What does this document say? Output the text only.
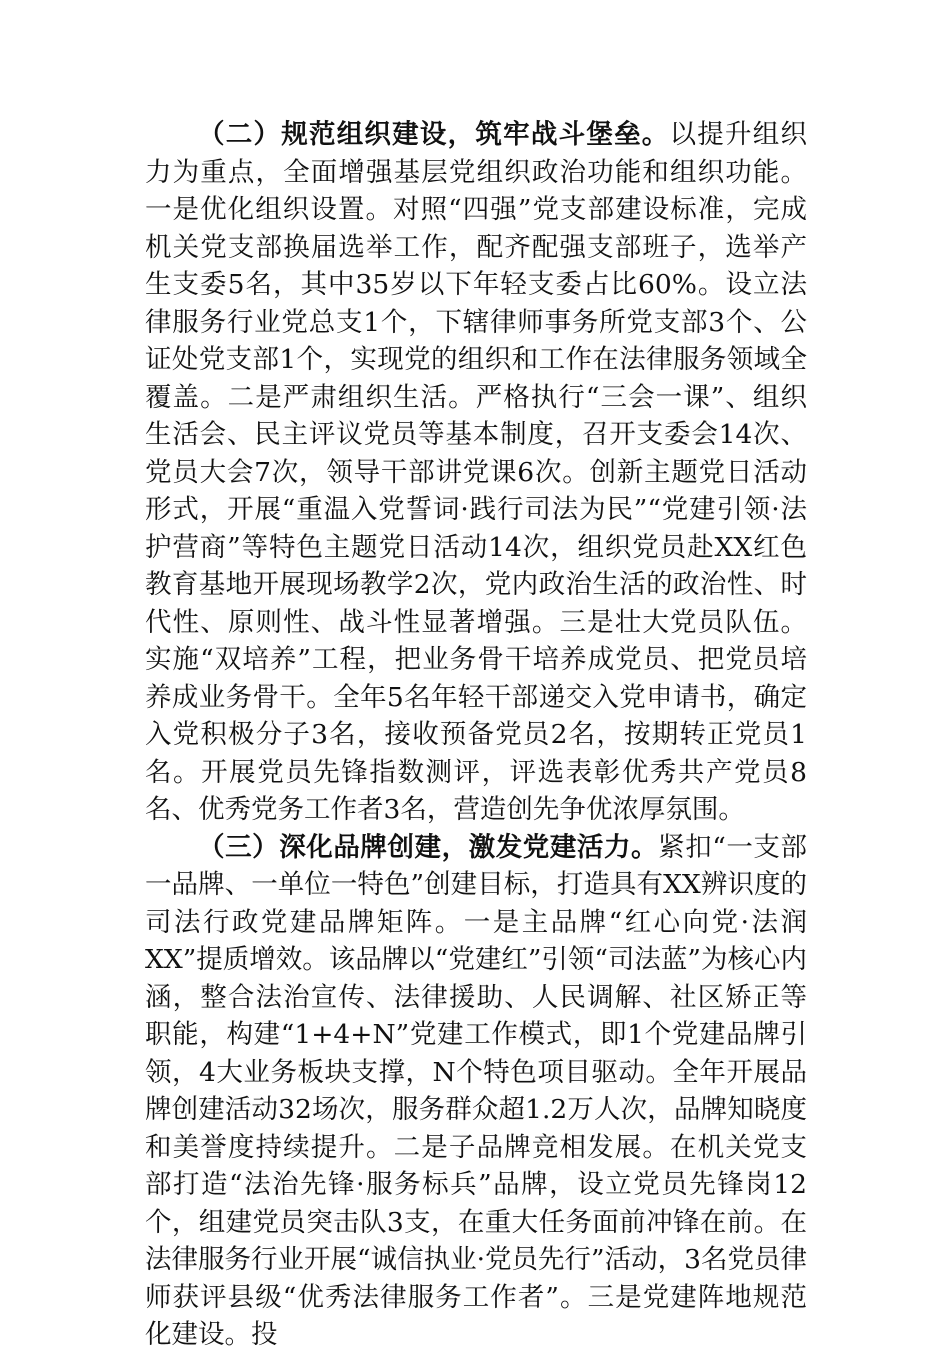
（二）规范组织建设，筑牢战斗堡垒。以提升组织力为重点，全面增强基层党组织政治功能和组织功能。一是优化组织设置。对照“四强”党支部建设标准，完成机关党支部换届选举工作，配齐配强支部班子，选举产生支委5名，其中35岁以下年轻支委占比60%。设立法律服务行业党总支1个，下辖律师事务所党支部3个、公证处党支部1个，实现党的组织和工作在法律服务领域全覆盖。二是严肃组织生活。严格执行“三会一课”、组织生活会、民主评议党员等基本制度，召开支委会14次、党员大会7次，领导干部讲党课6次。创新主题党日活动形式，开展“重温入党誓词·践行司法为民”“党建引领·法护营商”等特色主题党日活动14次，组织党员赴XX红色教育基地开展现场教学2次，党内政治生活的政治性、时代性、原则性、战斗性显著增强。三是壮大党员队伍。实施“双培养”工程，把业务骨干培养成党员、把党员培养成业务骨干。全年5名年轻干部递交入党申请书，确定入党积极分子3名，接收预备党员2名，按期转正党员1名。开展党员先锋指数测评，评选表彰优秀共产党员8名、优秀党务工作者3名，营造创先争优浓厚氛围。

（三）深化品牌创建，激发党建活力。紧扣“一支部一品牌、一单位一特色”创建目标，打造具有XX辨识度的司法行政党建品牌矩阵。一是主品牌“红心向党·法润XX”提质增效。该品牌以“党建红”引领“司法蓝”为核心内涵，整合法治宣传、法律援助、人民调解、社区矫正等职能，构建“1+4+N”党建工作模式，即1个党建品牌引领，4大业务板块支撑，N个特色项目驱动。全年开展品牌创建活动32场次，服务群众超1.2万人次，品牌知晓度和美誉度持续提升。二是子品牌竞相发展。在机关党支部打造“法治先锋·服务标兵”品牌，设立党员先锋岗12个，组建党员突击队3支，在重大任务面前冲锋在前。在法律服务行业开展“诚信执业·党员先行”活动，3名党员律师获评县级“优秀法律服务工作者”。三是党建阵地规范化建设。投
